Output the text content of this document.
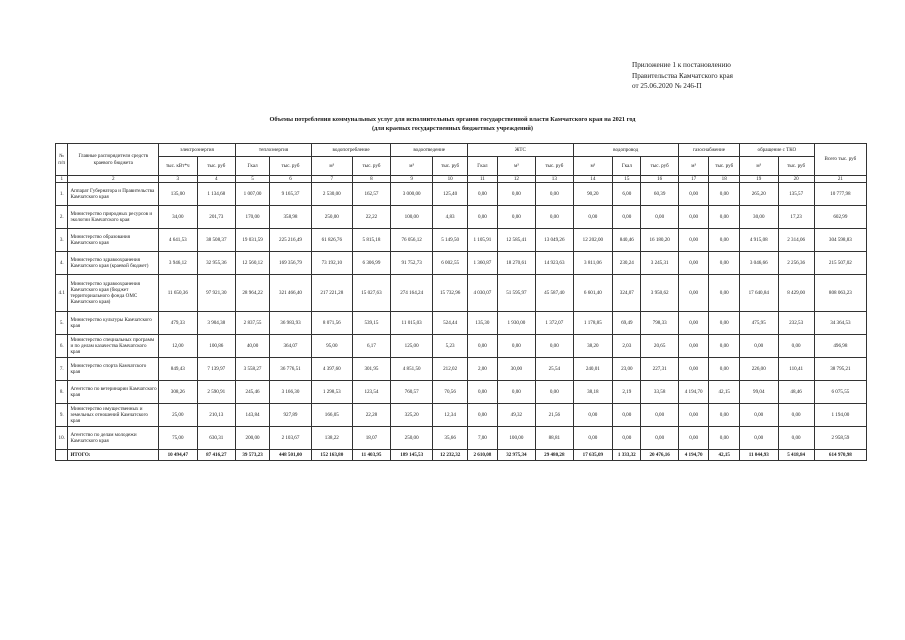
Приложение 1 к постановлению
Правительства Камчатского края
от 25.06.2020 № 246-П
Объемы потребления коммунальных услуг для исполнительных органов государственной власти Камчатского края на 2021 год
(для краевых государственных бюджетных учреждений)
№ п/п	Главные распорядители средств краевого бюджета	электроэнергия		теплоэнергия		водопотребление		водоотведение		ЖТС			водопровод			газоснабжение		обращение с ТКО		Всего тыс. руб
		тыс. кВт*ч	тыс. руб	Гкал	тыс. руб	м³	тыс. руб	м³	тыс. руб	Гкал	м³	тыс. руб	м³	Гкал	тыс. руб	м³	тыс. руб	м³	тыс. руб	
1	2	3	4	5	6	7	8	9	10	11	12	13	14	15	16	17	18	19	20	21
1.	Аппарат Губернатора и Правительства Камчатского края	135,00	1 134,68	1 007,00	9 165,37	2 530,00	162,57	3 000,00	125,40	0,00	0,00	0,00	90,20	6,00	60,39	0,00	0,00	265,20	135,57	10 777,98
2.	Министерство природных ресурсов и экологии Камчатского края	34,00	201,73	170,00	358,98	250,00	22,22	100,00	4,83	0,00	0,00	0,00	0,00	0,00	0,00	0,00	0,00	30,00	17,23	602,99
3.	Министерство образования Камчатского края	4 641,53	38 508,37	19 031,59	225 216,49	61 826,76	5 815,18	76 056,12	5 149,50	1 105,91	12 585,41	13 049,26	12 202,00	840,46	16 180,20	0,00	0,00	4 915,08	2 314,06	304 598,83
4.	Министерство здравоохранения Камчатского края (краевой бюджет)	3 946,12	32 955,36	12 560,12	169 356,79	73 192,10	6 306,99	91 752,73	6 002,55	1 360,87	18 270,61	14 923,63	3 811,06	230,24	3 245,31	0,00	0,00	3 046,66	2 256,36	215 507,02
4.1	Министерство здравоохранения Камчатского края (бюджет территориального фонда ОМС Камчатского края)	11 650,36	97 921,30	28 964,22	321 466,40	217 221,28	15 027,63	274 164,24	15 732,96	4 030,07	51 595,97	45 587,40	6 601,40	324,07	3 950,62	0,00	0,00	17 640,84	8 429,00	808 063,23
5.	Министерство культуры Камчатского края	479,33	3 904,38	2 837,55	36 983,93	8 071,56	539,15	11 015,03	524,44	135,30	1 930,00	1 372,07	1 178,85	69,49	798,33	0,00	0,00	475,95	232,53	34 364,53
6.	Министерство специальных программ и по делам казачества Камчатского края	12,00	100,86	40,00	364,07	95,00	6,17	125,00	5,23	0,00	0,00	0,00	38,20	2,03	20,65	0,00	0,00	0,00	0,00	496,98
7.	Министерство спорта Камчатского края	849,43	7 139,97	3 558,27	36 776,51	4 397,60	301,95	4 851,50	212,02	2,00	30,00	25,54	240,01	23,00	227,31	0,00	0,00	226,00	110,41	38 795,21
8.	Агентство по ветеринарии Камчатского края	308,26	2 590,91	245,46	3 166,30	1 298,53	123,54	760,57	70,56	0,00	0,00	0,00	38,18	2,19	33,58	4 194,70	42,15	99,04	48,46	6 075,55
9.	Министерство имущественных и земельных отношений Камчатского края	25,00	210,13	143,84	927,89	166,05	22,28	325,20	12,34	0,00	49,32	21,56	0,00	0,00	0,00	0,00	0,00	0,00	0,00	1 194,00
10.	Агентство по делам молодежи Камчатского края	75,00	630,31	200,00	2 103,67	138,22	18,07	250,00	35,66	7,00	100,00	88,81	0,00	0,00	0,00	0,00	0,00	0,00	0,00	2 958,59
	ИТОГО:	10 494,47	87 416,27	39 573,23	448 501,00	152 163,80	11 403,95	189 145,53	12 232,32	2 610,08	32 975,34	29 480,28	17 635,09	1 333,32	20 476,16	4 194,70	42,15	11 044,93	5 418,84	614 970,98
